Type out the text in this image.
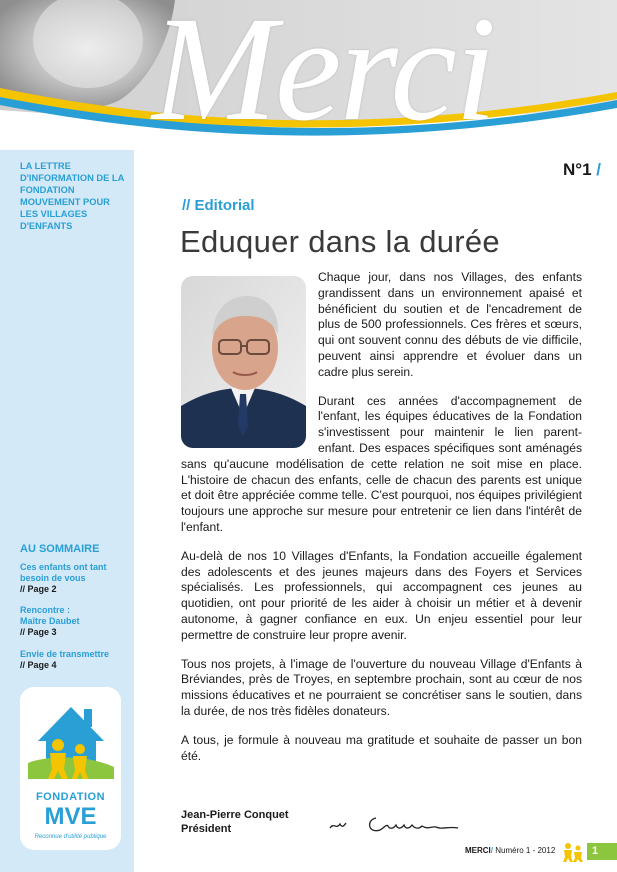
Merci
N°1 /
LA LETTRE D'INFORMATION DE LA FONDATION MOUVEMENT POUR LES VILLAGES D'ENFANTS
AU SOMMAIRE
Ces enfants ont tant besoin de vous
// Page 2
Rencontre : Maître Daubet
// Page 3
Envie de transmettre
// Page 4
FONDATION
MVE
Reconnue d'utilité publique
// Editorial
Eduquer dans la durée

Chaque jour, dans nos Villages, des enfants grandissent dans un environnement apaisé et bénéficient du soutien et de l'encadrement de plus de 500 professionnels. Ces frères et sœurs, qui ont souvent connu des débuts de vie difficile, peuvent ainsi apprendre et évoluer dans un cadre plus serein.

Durant ces années d'accompagnement de l'enfant, les équipes éducatives de la Fondation s'investissent pour maintenir le lien parent-enfant. Des espaces spécifiques sont aménagés sans qu'aucune modélisation de cette relation ne soit mise en place. L'histoire de chacun des enfants, celle de chacun des parents est unique et doit être appréciée comme telle. C'est pourquoi, nos équipes privilégient toujours une approche sur mesure pour entretenir ce lien dans l'intérêt de l'enfant.

Au-delà de nos 10 Villages d'Enfants, la Fondation accueille également des adolescents et des jeunes majeurs dans des Foyers et Services spécialisés. Les professionnels, qui accompagnent ces jeunes au quotidien, ont pour priorité de les aider à choisir un métier et à devenir autonome, à gagner confiance en eux. Un enjeu essentiel pour leur permettre de construire leur propre avenir.

Tous nos projets, à l'image de l'ouverture du nouveau Village d'Enfants à Bréviandes, près de Troyes, en septembre prochain, sont au cœur de nos missions éducatives et ne pourraient se concrétiser sans le soutien, dans la durée, de nos très fidèles donateurs.

A tous, je formule à nouveau ma gratitude et souhaite de passer un bon été.

Jean-Pierre Conquet
Président
MERCI/ Numéro 1 - 2012	1
